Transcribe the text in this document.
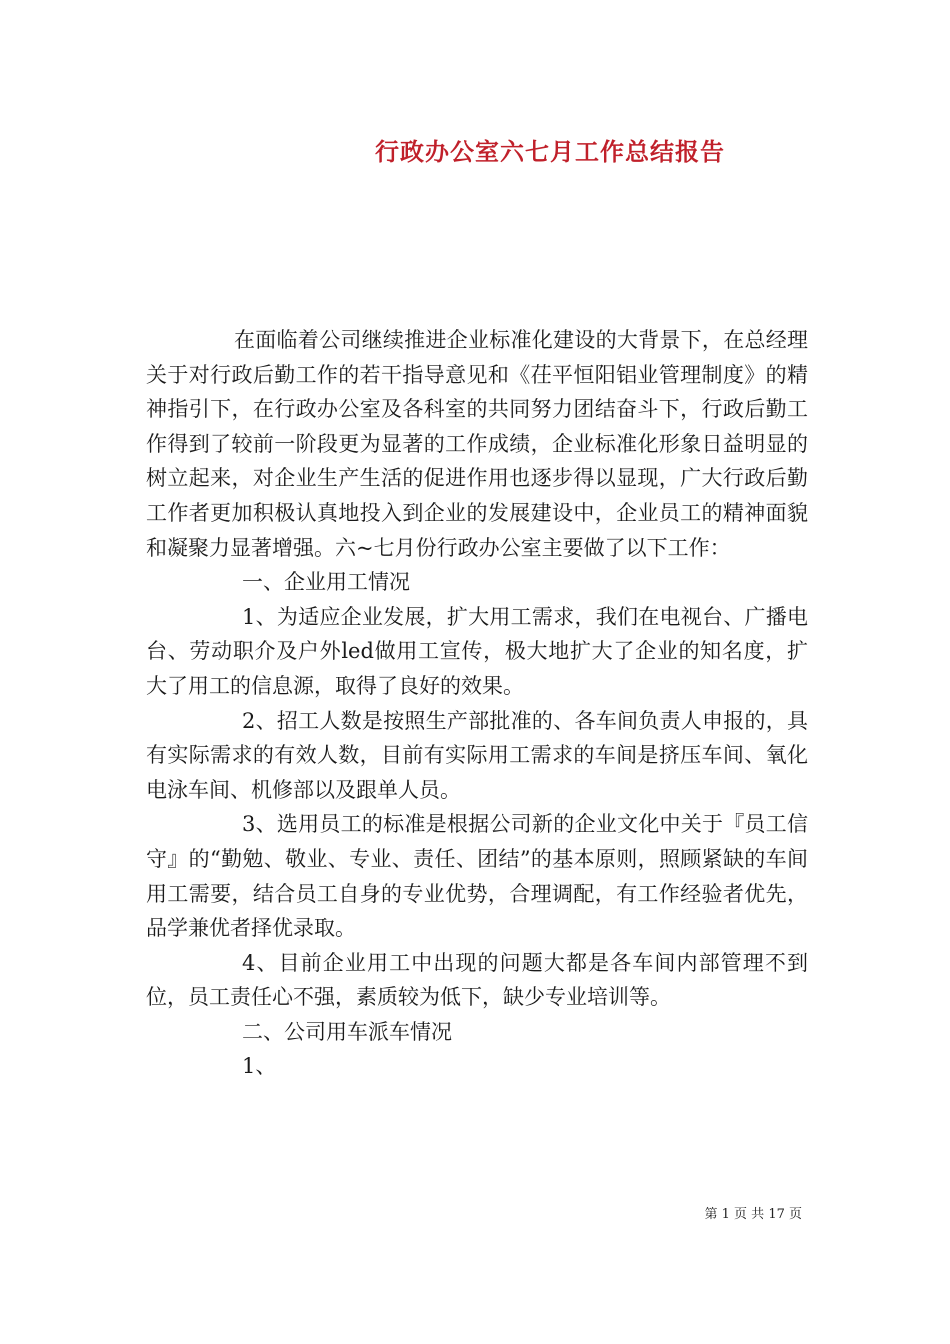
行政办公室六七月工作总结报告

在面临着公司继续推进企业标准化建设的大背景下，在总经理关于对行政后勤工作的若干指导意见和《茌平恒阳铝业管理制度》的精神指引下，在行政办公室及各科室的共同努力团结奋斗下，行政后勤工作得到了较前一阶段更为显著的工作成绩，企业标准化形象日益明显的树立起来，对企业生产生活的促进作用也逐步得以显现，广大行政后勤工作者更加积极认真地投入到企业的发展建设中，企业员工的精神面貌和凝聚力显著增强。六~七月份行政办公室主要做了以下工作：

一、企业用工情况

1、为适应企业发展，扩大用工需求，我们在电视台、广播电台、劳动职介及户外led做用工宣传，极大地扩大了企业的知名度，扩大了用工的信息源，取得了良好的效果。

2、招工人数是按照生产部批准的、各车间负责人申报的，具有实际需求的有效人数，目前有实际用工需求的车间是挤压车间、氧化电泳车间、机修部以及跟单人员。

3、选用员工的标准是根据公司新的企业文化中关于『员工信守』的“勤勉、敬业、专业、责任、团结”的基本原则，照顾紧缺的车间用工需要，结合员工自身的专业优势，合理调配，有工作经验者优先，品学兼优者择优录取。

4、目前企业用工中出现的问题大都是各车间内部管理不到位，员工责任心不强，素质较为低下，缺少专业培训等。

二、公司用车派车情况

1、

第 1 页 共 17 页
